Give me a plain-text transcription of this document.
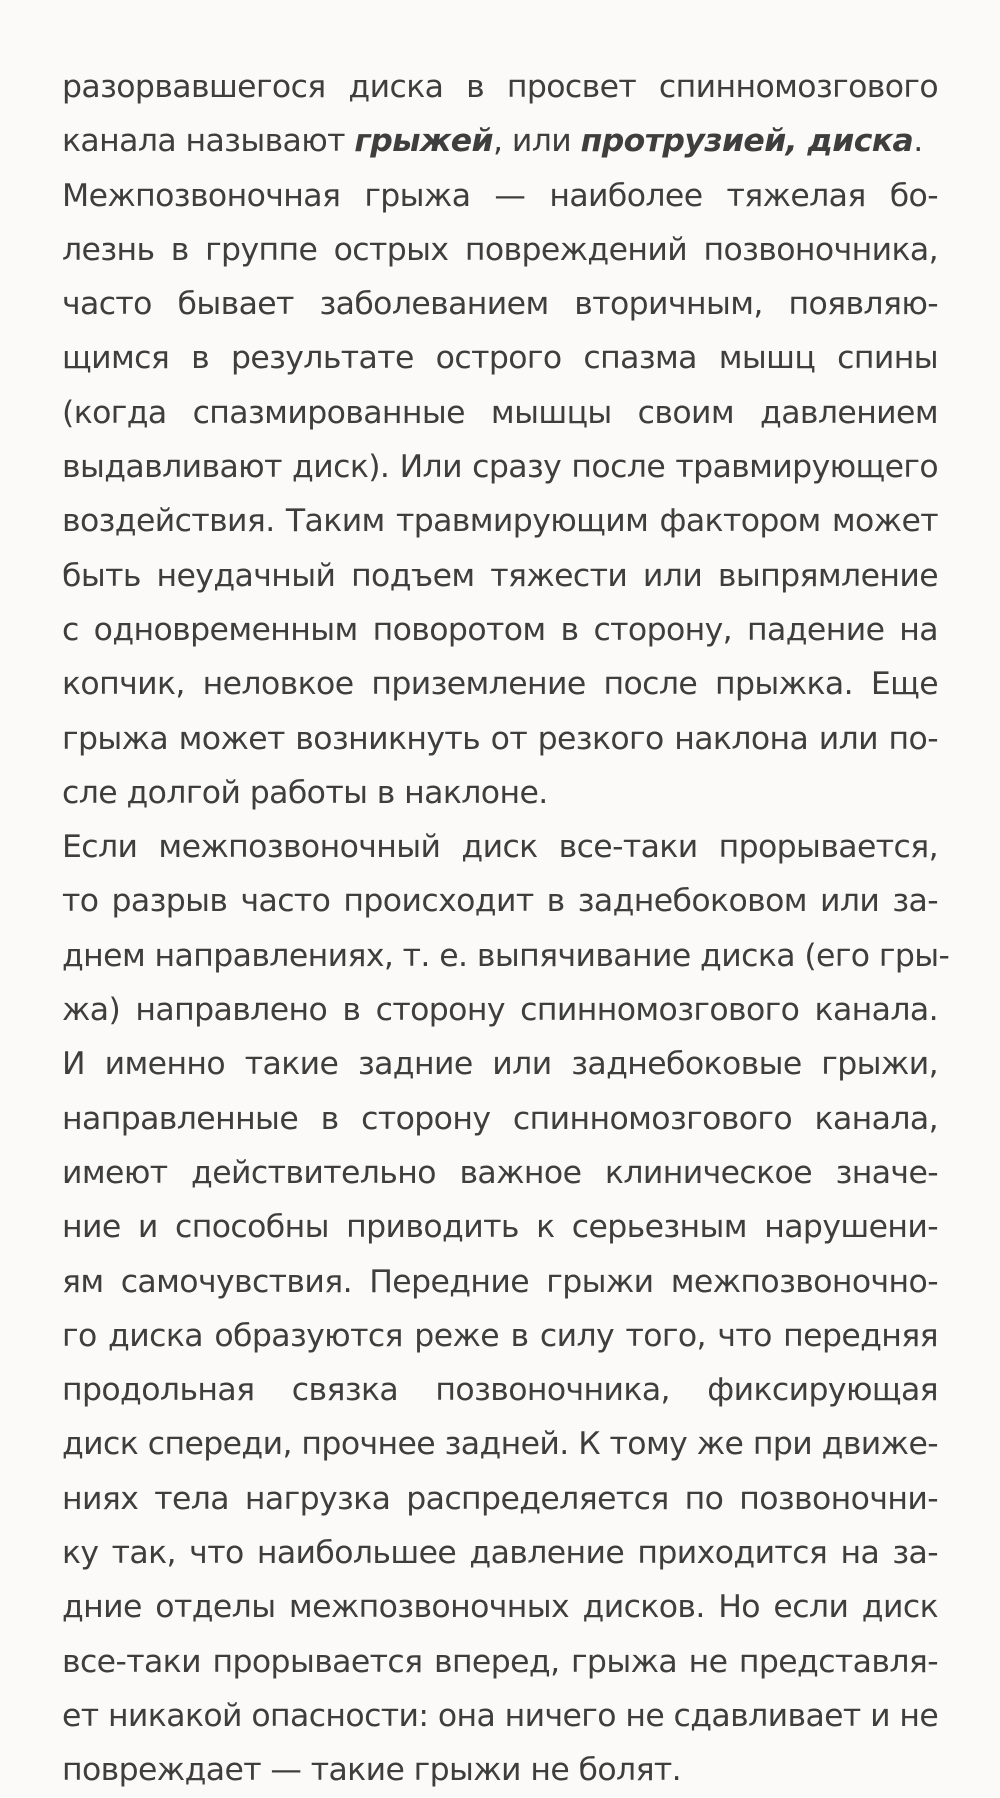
разорвавшегося диска в просвет спинномозгового
канала называют грыжей, или протрузией, диска.
Межпозвоночная грыжа — наиболее тяжелая бо-
лезнь в группе острых повреждений позвоночника,
часто бывает заболеванием вторичным, появляю-
щимся в результате острого спазма мышц спины
(когда спазмированные мышцы своим давлением
выдавливают диск). Или сразу после травмирующего
воздействия. Таким травмирующим фактором может
быть неудачный подъем тяжести или выпрямление
с одновременным поворотом в сторону, падение на
копчик, неловкое приземление после прыжка. Еще
грыжа может возникнуть от резкого наклона или по-
сле долгой работы в наклоне.
Если межпозвоночный диск все-таки прорывается,
то разрыв часто происходит в заднебоковом или за-
днем направлениях, т. е. выпячивание диска (его гры-
жа) направлено в сторону спинномозгового канала.
И именно такие задние или заднебоковые грыжи,
направленные в сторону спинномозгового канала,
имеют действительно важное клиническое значе-
ние и способны приводить к серьезным нарушени-
ям самочувствия. Передние грыжи межпозвоночно-
го диска образуются реже в силу того, что передняя
продольная связка позвоночника, фиксирующая
диск спереди, прочнее задней. К тому же при движе-
ниях тела нагрузка распределяется по позвоночни-
ку так, что наибольшее давление приходится на за-
дние отделы межпозвоночных дисков. Но если диск
все-таки прорывается вперед, грыжа не представля-
ет никакой опасности: она ничего не сдавливает и не
повреждает — такие грыжи не болят.
